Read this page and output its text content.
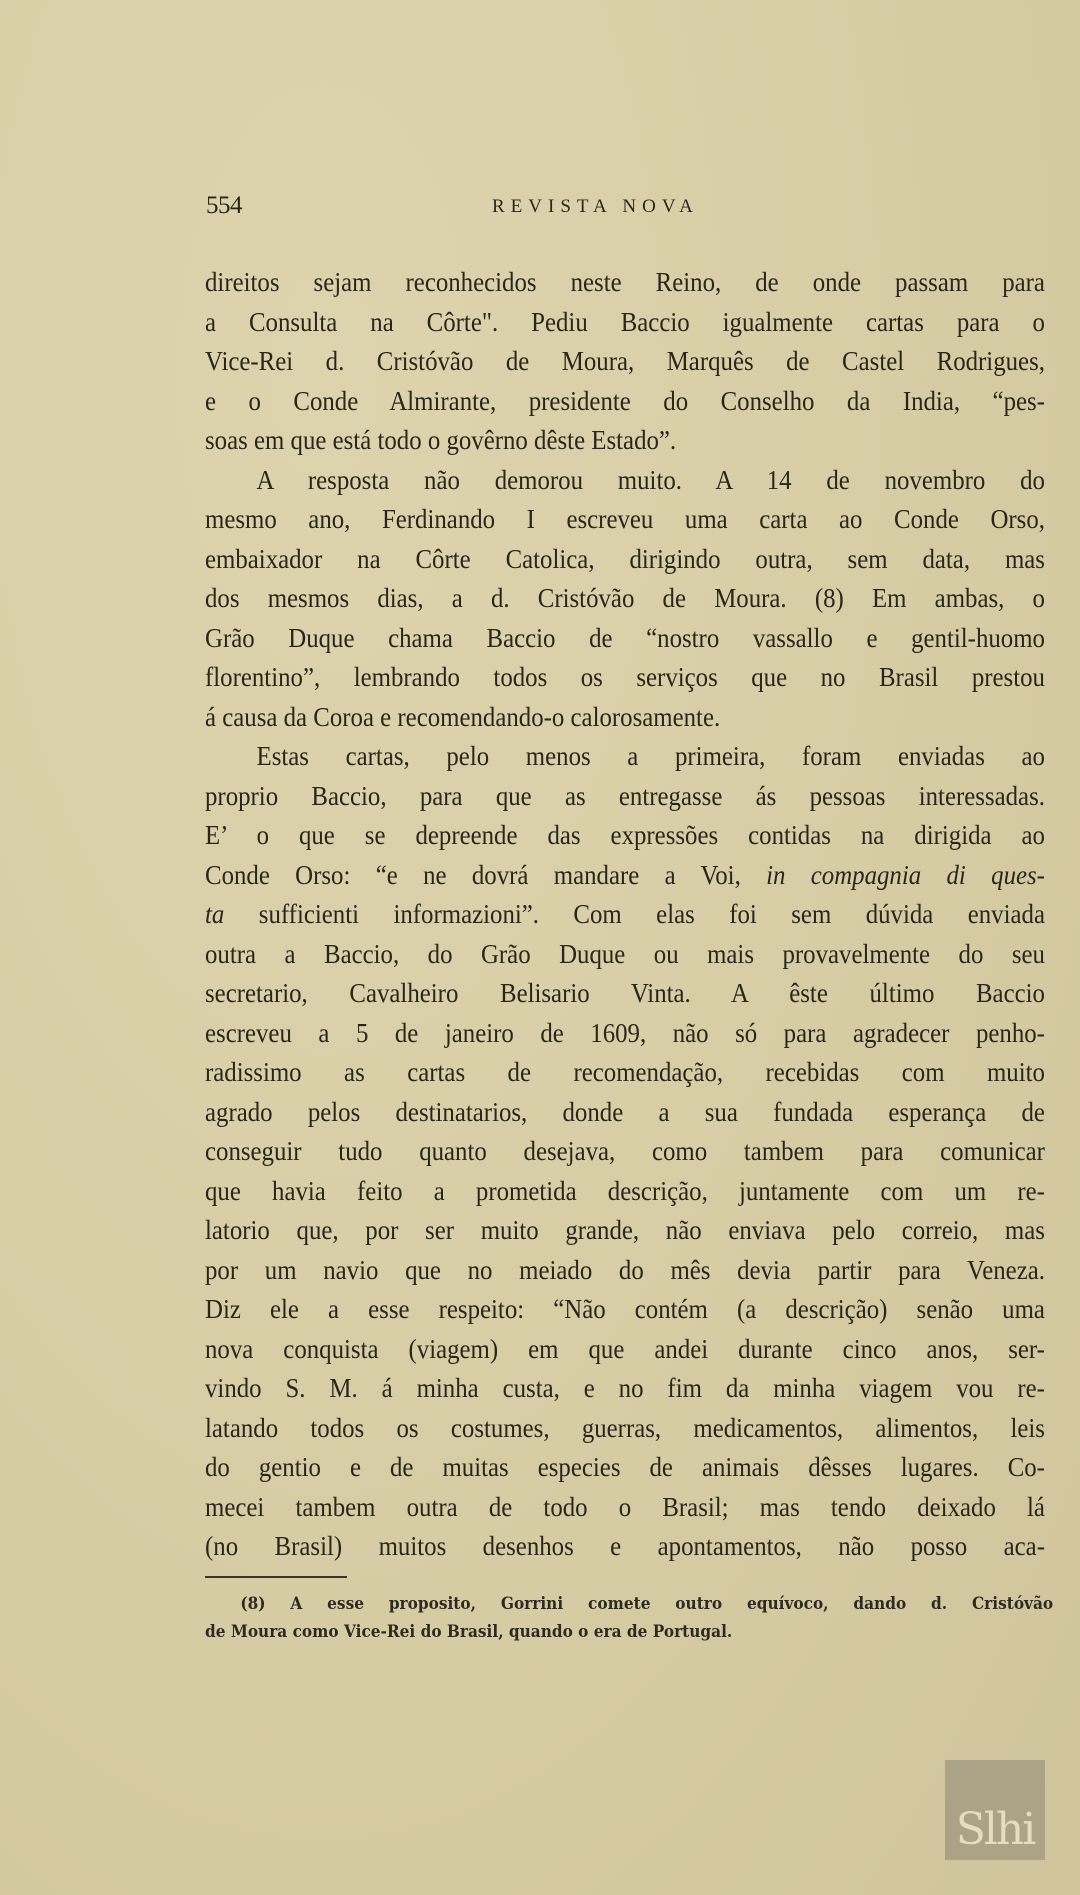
554	REVISTA NOVA
direitos sejam reconhecidos neste Reino, de onde passam para
a Consulta na Côrte". Pediu Baccio igualmente cartas para o
Vice-Rei d. Cristóvão de Moura, Marquês de Castel Rodrigues,
e o Conde Almirante, presidente do Conselho da India, “pes-
soas em que está todo o govêrno dêste Estado”.
A resposta não demorou muito. A 14 de novembro do
mesmo ano, Ferdinando I escreveu uma carta ao Conde Orso,
embaixador na Côrte Catolica, dirigindo outra, sem data, mas
dos mesmos dias, a d. Cristóvão de Moura. (8) Em ambas, o
Grão Duque chama Baccio de “nostro vassallo e gentil-huomo
florentino”, lembrando todos os serviços que no Brasil prestou
á causa da Coroa e recomendando-o calorosamente.
Estas cartas, pelo menos a primeira, foram enviadas ao
proprio Baccio, para que as entregasse ás pessoas interessadas.
E’ o que se depreende das expressões contidas na dirigida ao
Conde Orso: “e ne dovrá mandare a Voi, in compagnia di ques-
ta sufficienti informazioni”. Com elas foi sem dúvida enviada
outra a Baccio, do Grão Duque ou mais provavelmente do seu
secretario, Cavalheiro Belisario Vinta. A êste último Baccio
escreveu a 5 de janeiro de 1609, não só para agradecer penho-
radissimo as cartas de recomendação, recebidas com muito
agrado pelos destinatarios, donde a sua fundada esperança de
conseguir tudo quanto desejava, como tambem para comunicar
que havia feito a prometida descrição, juntamente com um re-
latorio que, por ser muito grande, não enviava pelo correio, mas
por um navio que no meiado do mês devia partir para Veneza.
Diz ele a esse respeito: “Não contém (a descrição) senão uma
nova conquista (viagem) em que andei durante cinco anos, ser-
vindo S. M. á minha custa, e no fim da minha viagem vou re-
latando todos os costumes, guerras, medicamentos, alimentos, leis
do gentio e de muitas especies de animais dêsses lugares. Co-
mecei tambem outra de todo o Brasil; mas tendo deixado lá
(no Brasil) muitos desenhos e apontamentos, não posso aca-
(8) A esse proposito, Gorrini comete outro equívoco, dando d. Cristóvão
de Moura como Vice-Rei do Brasil, quando o era de Portugal.
Slhi
